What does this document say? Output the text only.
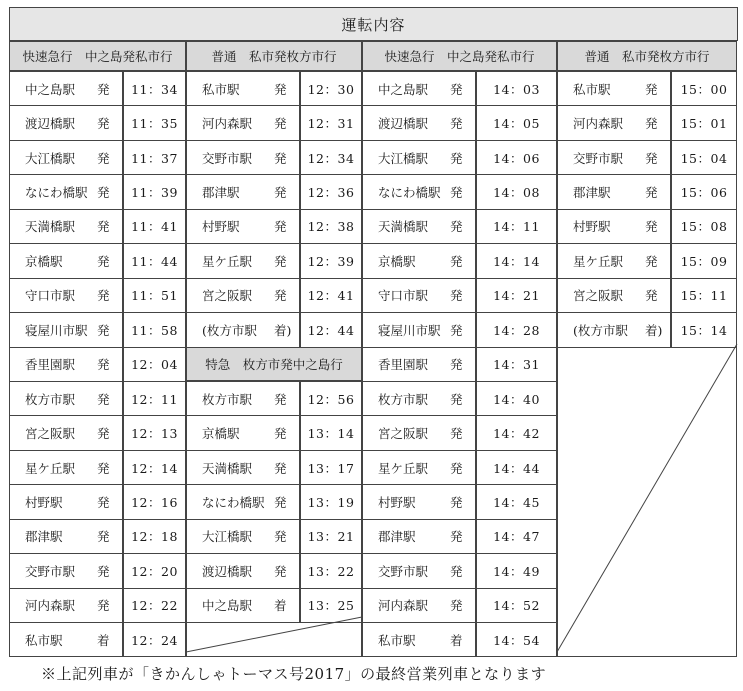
運転内容
快速急行　中之島発私市行
中之島駅	発	11：34
渡辺橋駅	発	11：35
大江橋駅	発	11：37
なにわ橋駅 発	11：39
天満橋駅	発	11：41
京橋駅	発	11：44
守口市駅	発	11：51
寝屋川市駅 発	11：58
香里園駅	発	12：04
枚方市駅	発	12：11
宮之阪駅	発	12：13
星ケ丘駅	発	12：14
村野駅	発	12：16
郡津駅	発	12：18
交野市駅	発	12：20
河内森駅	発	12：22
私市駅	着	12：24
普通　私市発枚方市行
私市駅	発	12：30
河内森駅	発	12：31
交野市駅	発	12：34
郡津駅	発	12：36
村野駅	発	12：38
星ケ丘駅	発	12：39
宮之阪駅	発	12：41
(枚方市駅	着)	12：44
特急　枚方市発中之島行
枚方市駅	発	12：56
京橋駅	発	13：14
天満橋駅	発	13：17
なにわ橋駅 発	13：19
大江橋駅	発	13：21
渡辺橋駅	発	13：22
中之島駅	着	13：25
快速急行　中之島発私市行
中之島駅	発	14：03
渡辺橋駅	発	14：05
大江橋駅	発	14：06
なにわ橋駅 発	14：08
天満橋駅	発	14：11
京橋駅	発	14：14
守口市駅	発	14：21
寝屋川市駅 発	14：28
香里園駅	発	14：31
枚方市駅	発	14：40
宮之阪駅	発	14：42
星ケ丘駅	発	14：44
村野駅	発	14：45
郡津駅	発	14：47
交野市駅	発	14：49
河内森駅	発	14：52
私市駅	着	14：54
普通　私市発枚方市行
私市駅	発	15：00
河内森駅	発	15：01
交野市駅	発	15：04
郡津駅	発	15：06
村野駅	発	15：08
星ケ丘駅	発	15：09
宮之阪駅	発	15：11
(枚方市駅	着)	15：14
※上記列車が「きかんしゃトーマス号2017」の最終営業列車となります
